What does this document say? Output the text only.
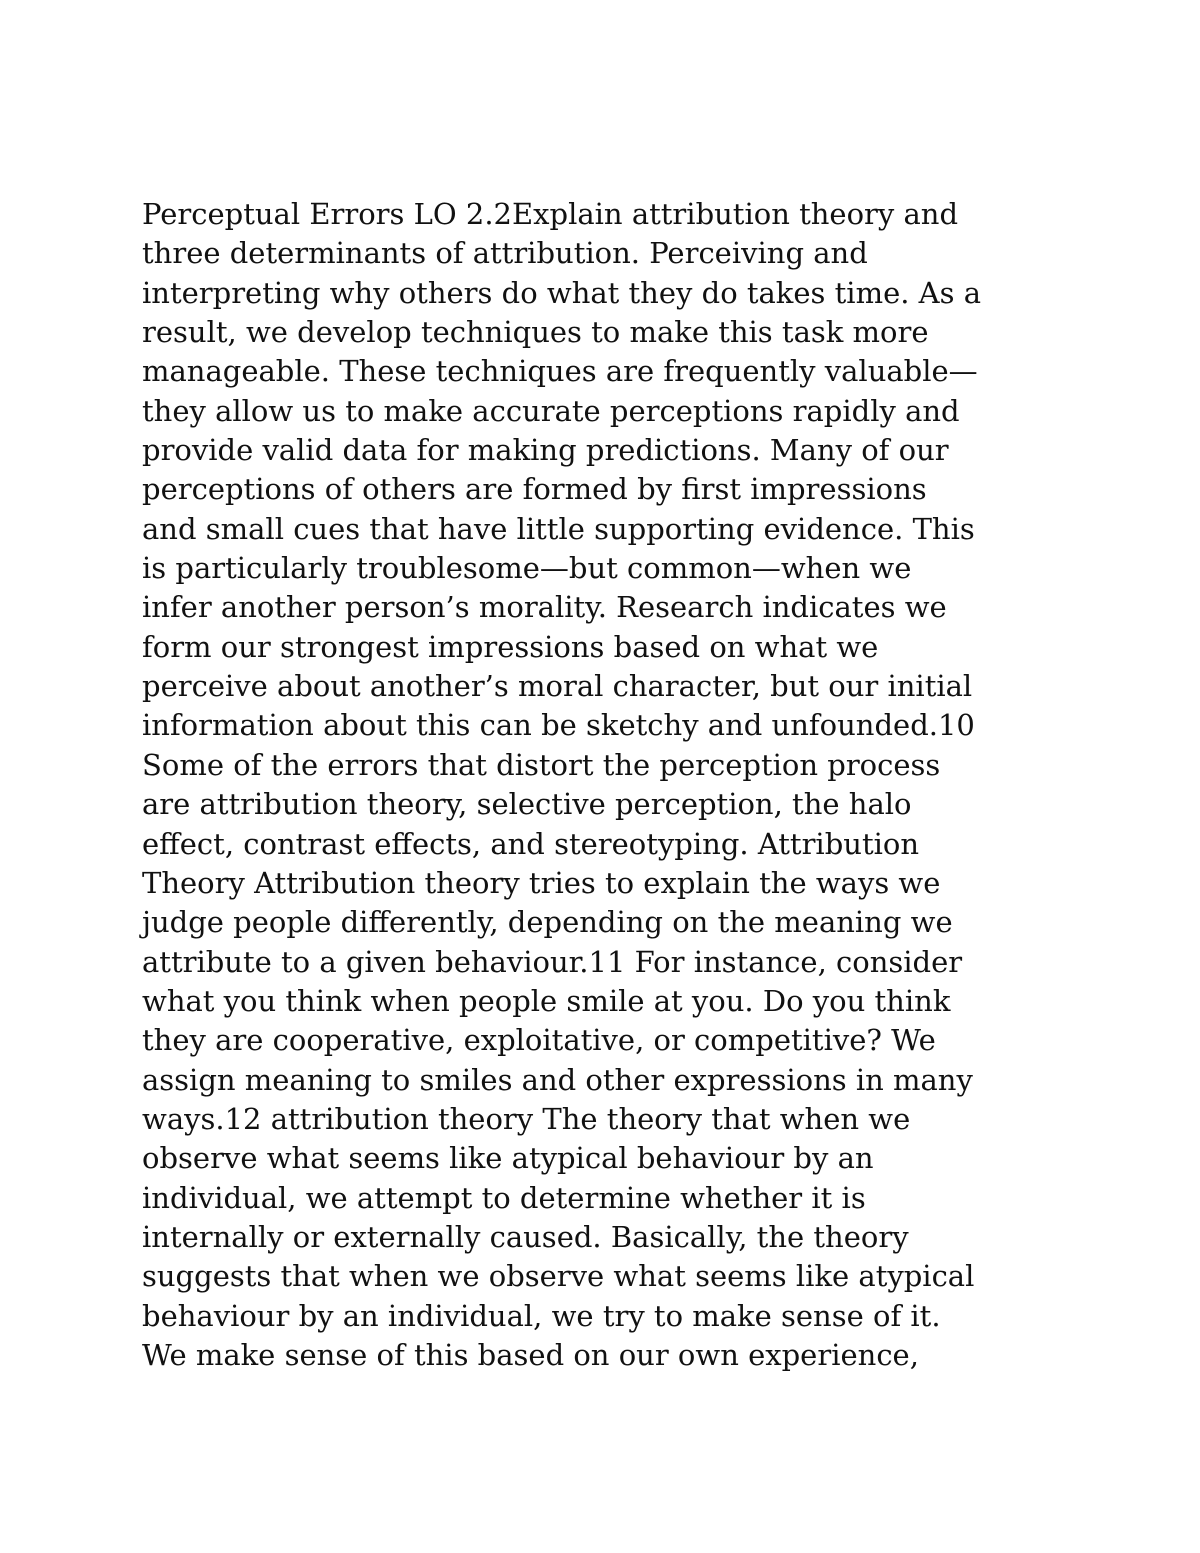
Perceptual Errors LO 2.2Explain attribution theory and
three determinants of attribution. Perceiving and
interpreting why others do what they do takes time. As a
result, we develop techniques to make this task more
manageable. These techniques are frequently valuable—
they allow us to make accurate perceptions rapidly and
provide valid data for making predictions. Many of our
perceptions of others are formed by first impressions
and small cues that have little supporting evidence. This
is particularly troublesome—but common—when we
infer another person’s morality. Research indicates we
form our strongest impressions based on what we
perceive about another’s moral character, but our initial
information about this can be sketchy and unfounded.10
Some of the errors that distort the perception process
are attribution theory, selective perception, the halo
effect, contrast effects, and stereotyping. Attribution
Theory Attribution theory tries to explain the ways we
judge people differently, depending on the meaning we
attribute to a given behaviour.11 For instance, consider
what you think when people smile at you. Do you think
they are cooperative, exploitative, or competitive? We
assign meaning to smiles and other expressions in many
ways.12 attribution theory The theory that when we
observe what seems like atypical behaviour by an
individual, we attempt to determine whether it is
internally or externally caused. Basically, the theory
suggests that when we observe what seems like atypical
behaviour by an individual, we try to make sense of it.
We make sense of this based on our own experience,
